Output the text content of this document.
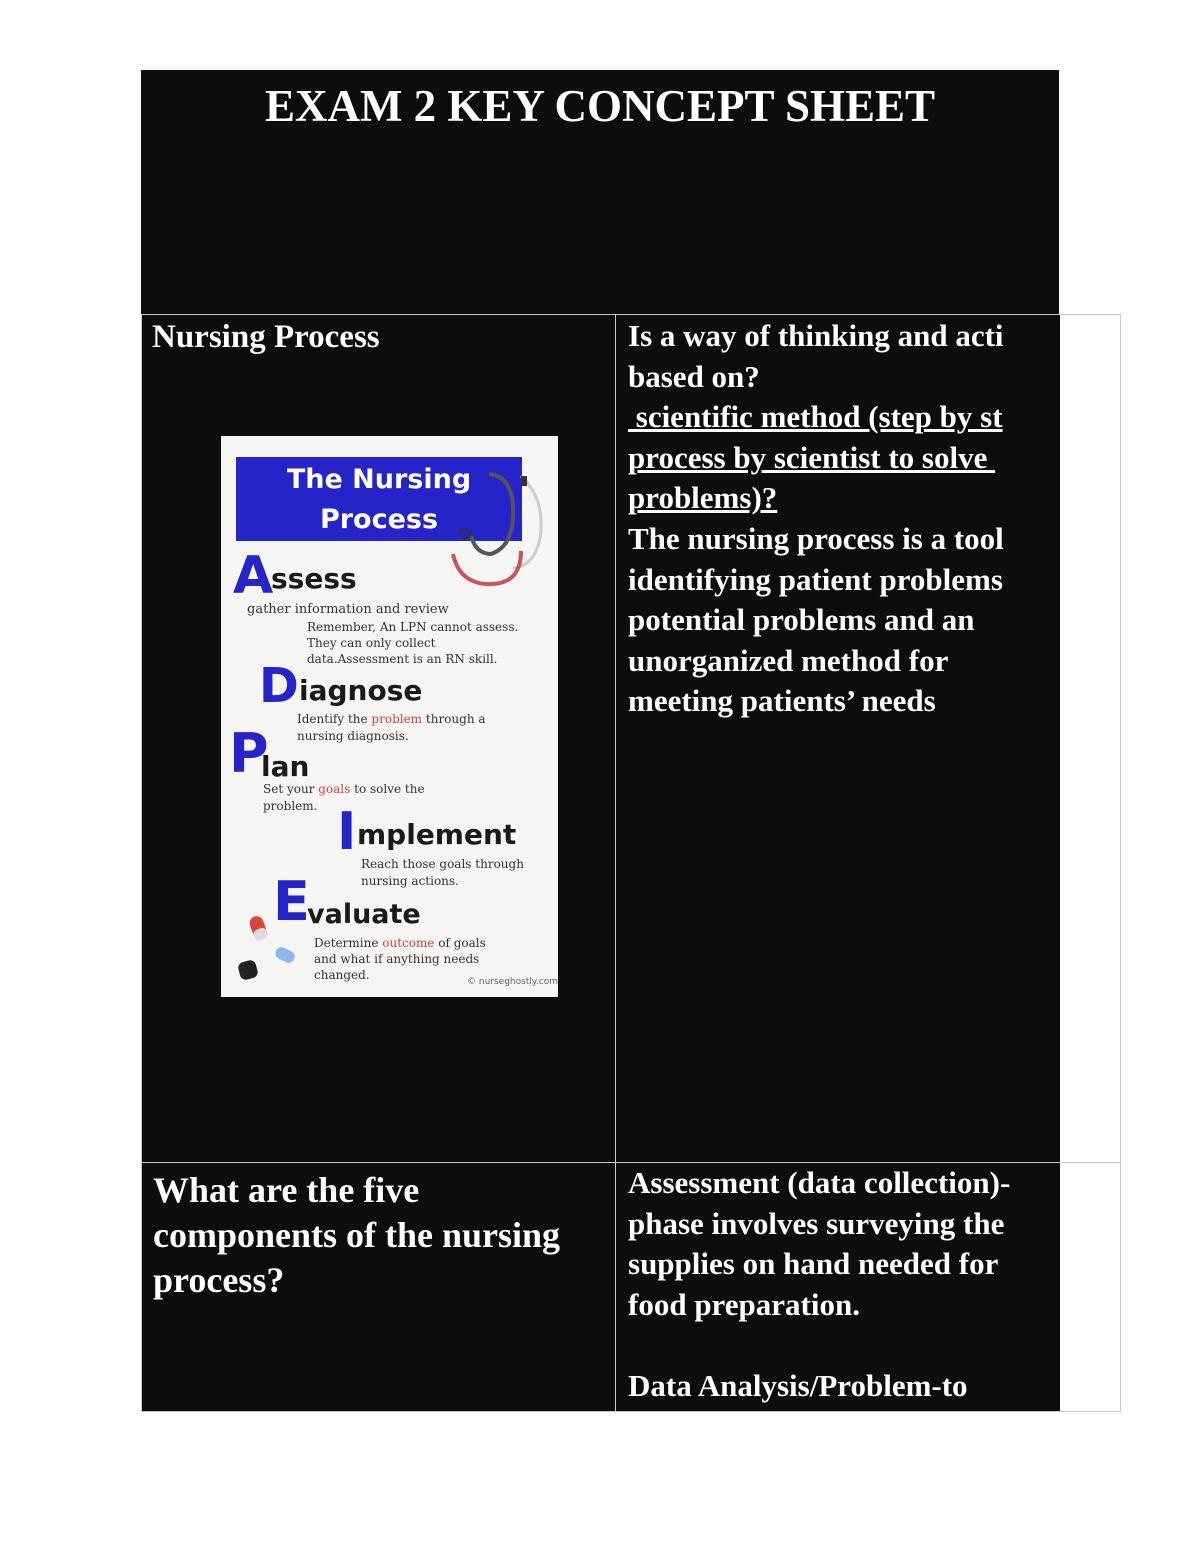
EXAM 2 KEY CONCEPT SHEET
Nursing Process	Is a way of thinking and acti
based on?
scientific method (step by st
process by scientist to solve
problems)?
The nursing process is a tool
identifying patient problems
potential problems and an
unorganized method for
meeting patients’ needs
What are the five components of the nursing process?
Assessment (data collection)-
phase involves surveying the
supplies on hand needed for
food preparation.
Data Analysis/Problem-to
The Nursing
Process
A
ssess
gather information and review
Remember, An LPN cannot assess.
They can only collect
data.Assessment is an RN skill.
D iagnose
Identify the problem through a
nursing diagnosis.
P
lan
Set your goals to solve the
problem. I mplement
Reach those goals through
nursing actions.
E
valuate
Determine outcome of goals
and what if anything needs
changed.	© nurseghostly.com
